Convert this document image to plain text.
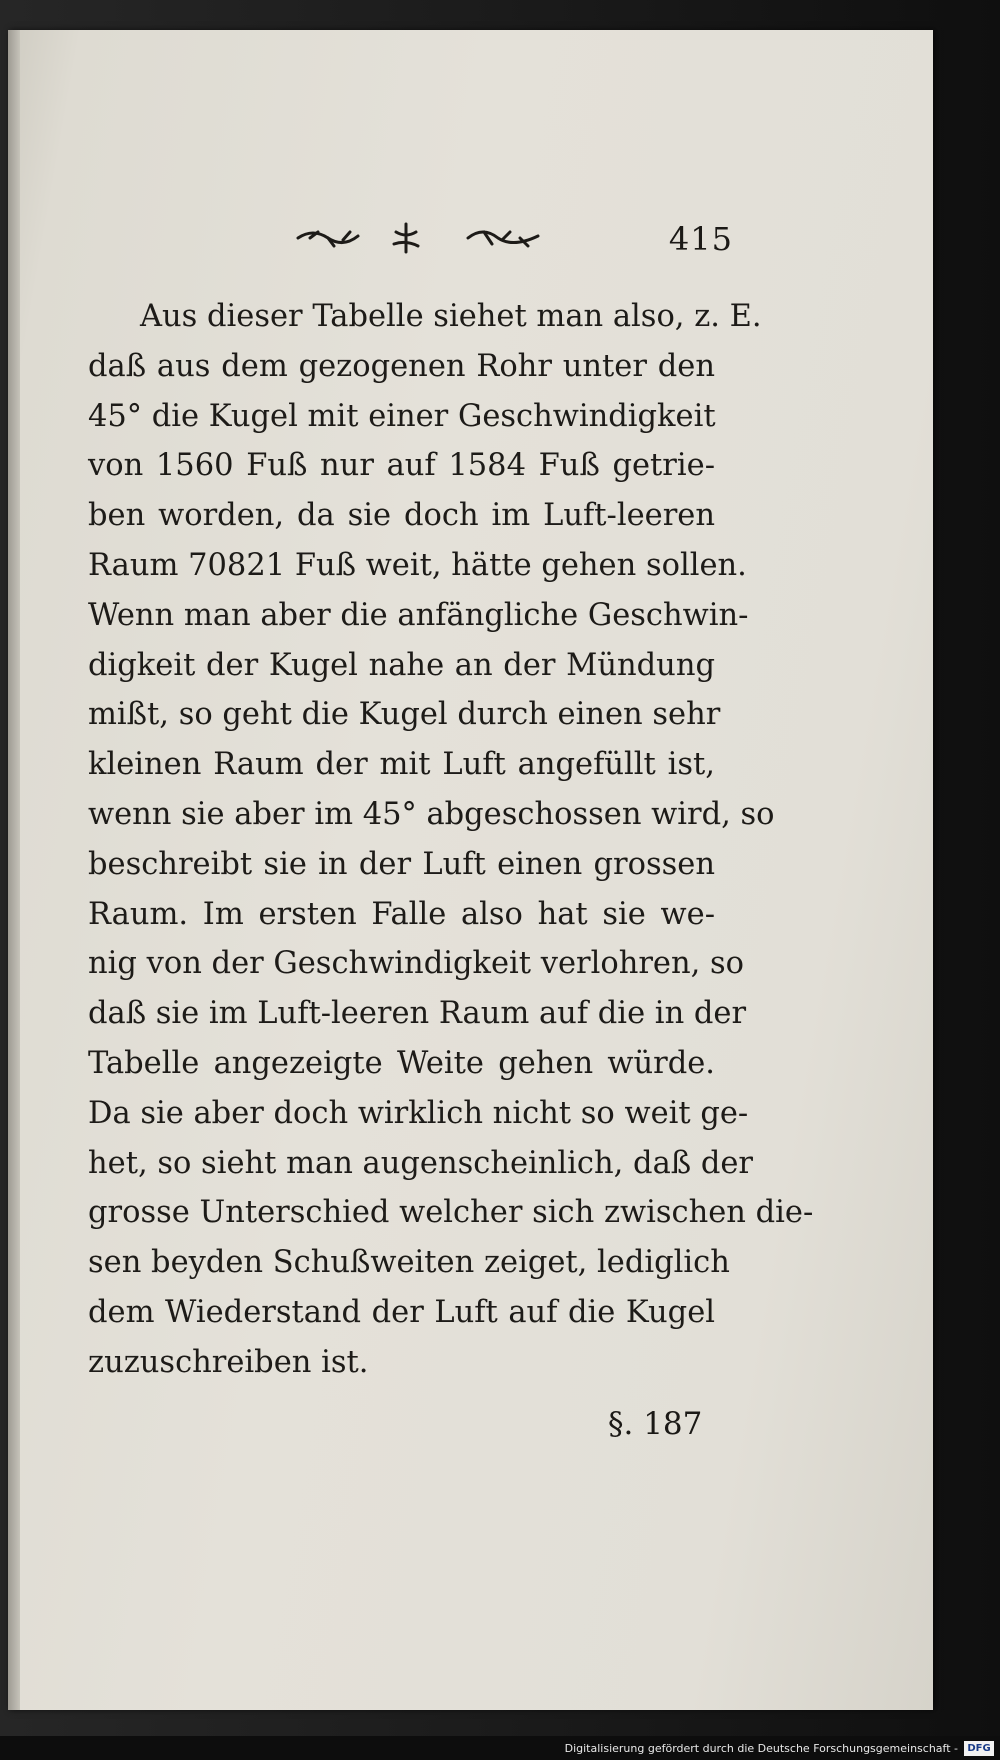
415
Aus dieser Tabelle siehet man also, z. E.
daß aus dem gezogenen Rohr unter den
45° die Kugel mit einer Geschwindigkeit
von 1560 Fuß nur auf 1584 Fuß getrie-
ben worden, da sie doch im Luft-leeren
Raum 70821 Fuß weit, hätte gehen sollen.
Wenn man aber die anfängliche Geschwin-
digkeit der Kugel nahe an der Mündung
mißt, so geht die Kugel durch einen sehr
kleinen Raum der mit Luft angefüllt ist,
wenn sie aber im 45° abgeschossen wird, so
beschreibt sie in der Luft einen grossen
Raum. Im ersten Falle also hat sie we-
nig von der Geschwindigkeit verlohren, so
daß sie im Luft-leeren Raum auf die in der
Tabelle angezeigte Weite gehen würde.
Da sie aber doch wirklich nicht so weit ge-
het, so sieht man augenscheinlich, daß der
grosse Unterschied welcher sich zwischen die-
sen beyden Schußweiten zeiget, lediglich
dem Wiederstand der Luft auf die Kugel
zuzuschreiben ist.
§. 187
Digitalisierung gefördert durch die Deutsche Forschungsgemeinschaft - DFG
